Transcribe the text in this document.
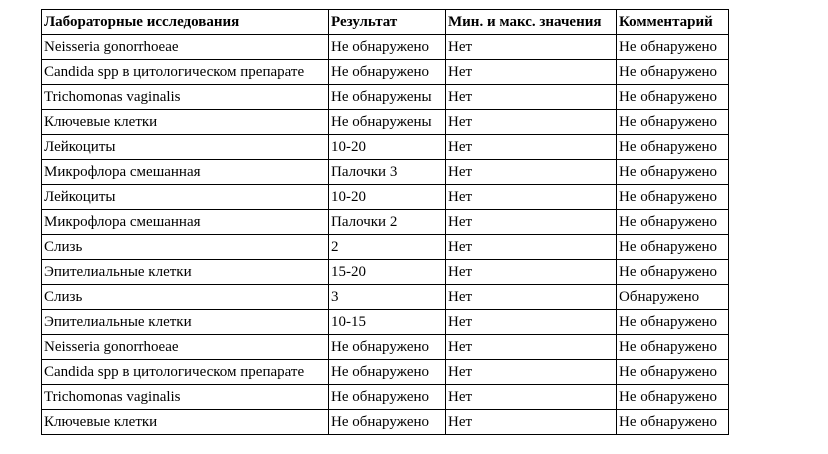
Лабораторные исследования	Результат	Мин. и макс. значения	Комментарий
Neisseria gonorrhoeae	Не обнаружено	Нет	Не обнаружено
Candida spp в цитологическом препарате	Не обнаружено	Нет	Не обнаружено
Trichomonas vaginalis	Не обнаружены	Нет	Не обнаружено
Ключевые клетки	Не обнаружены	Нет	Не обнаружено
Лейкоциты	10-20	Нет	Не обнаружено
Микрофлора смешанная	Палочки 3	Нет	Не обнаружено
Лейкоциты	10-20	Нет	Не обнаружено
Микрофлора смешанная	Палочки 2	Нет	Не обнаружено
Слизь	2	Нет	Не обнаружено
Эпителиальные клетки	15-20	Нет	Не обнаружено
Слизь	3	Нет	Обнаружено
Эпителиальные клетки	10-15	Нет	Не обнаружено
Neisseria gonorrhoeae	Не обнаружено	Нет	Не обнаружено
Candida spp в цитологическом препарате	Не обнаружено	Нет	Не обнаружено
Trichomonas vaginalis	Не обнаружено	Нет	Не обнаружено
Ключевые клетки	Не обнаружено	Нет	Не обнаружено
